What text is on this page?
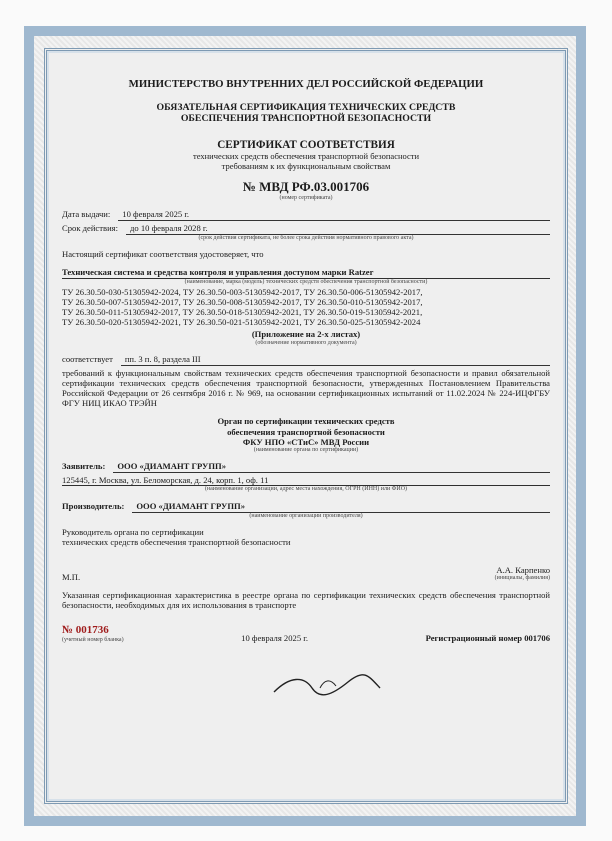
МИНИСТЕРСТВО ВНУТРЕННИХ ДЕЛ РОССИЙСКОЙ ФЕДЕРАЦИИ
ОБЯЗАТЕЛЬНАЯ СЕРТИФИКАЦИЯ ТЕХНИЧЕСКИХ СРЕДСТВ
ОБЕСПЕЧЕНИЯ ТРАНСПОРТНОЙ БЕЗОПАСНОСТИ
СЕРТИФИКАТ СООТВЕТСТВИЯ
технических средств обеспечения транспортной безопасности
требованиям к их функциональным свойствам
№ МВД РФ.03.001706
(номер сертификата)
Дата выдачи:	10 февраля 2025 г.
Срок действия:	до 10 февраля 2028 г.
(срок действия сертификата, не более срока действия нормативного правового акта)
Настоящий сертификат соответствия удостоверяет, что
Техническая система и средства контроля и управления доступом марки Ratzer
(наименование, марка (модель) технических средств обеспечения транспортной безопасности)
ТУ 26.30.50-030-51305942-2024, ТУ 26.30.50-003-51305942-2017, ТУ 26.30.50-006-51305942-2017,
ТУ 26.30.50-007-51305942-2017, ТУ 26.30.50-008-51305942-2017, ТУ 26.30.50-010-51305942-2017,
ТУ 26.30.50-011-51305942-2017, ТУ 26.30.50-018-51305942-2021, ТУ 26.30.50-019-51305942-2021,
ТУ 26.30.50-020-51305942-2021, ТУ 26.30.50-021-51305942-2021, ТУ 26.30.50-025-51305942-2024
(Приложение на 2-х листах)
(обозначение нормативного документа)
соответствует	пп. 3 п. 8, раздела III
требований к функциональным свойствам технических средств обеспечения транспортной безопасности и правил обязательной сертификации технических средств обеспечения транспортной безопасности, утвержденных Постановлением Правительства Российской Федерации от 26 сентября 2016 г. № 969, на основании сертификационных испытаний от 11.02.2024 № 224-ИЦФГБУ ФГУ НИЦ ИКАО ТРЭЙН
Орган по сертификации технических средств
обеспечения транспортной безопасности
ФКУ НПО «СТиС» МВД России
(наименование органа по сертификации)
Заявитель:	ООО «ДИАМАНТ ГРУПП»
125445, г. Москва, ул. Беломорская, д. 24, корп. 1, оф. 11
(наименование организации, адрес места нахождения, ОГРН (ИНН) или ФИО)
Производитель:	ООО «ДИАМАНТ ГРУПП»
(наименование организации производителя)
Руководитель органа по сертификации
технических средств обеспечения транспортной безопасности
М.П.
А.А. Карпенко
(инициалы, фамилия)
Указанная сертификационная характеристика в реестре органа по сертификации технических средств обеспечения транспортной безопасности, необходимых для их использования в транспорте
№ 001736
(учетный номер бланка)	10 февраля 2025 г.	Регистрационный номер 001706
